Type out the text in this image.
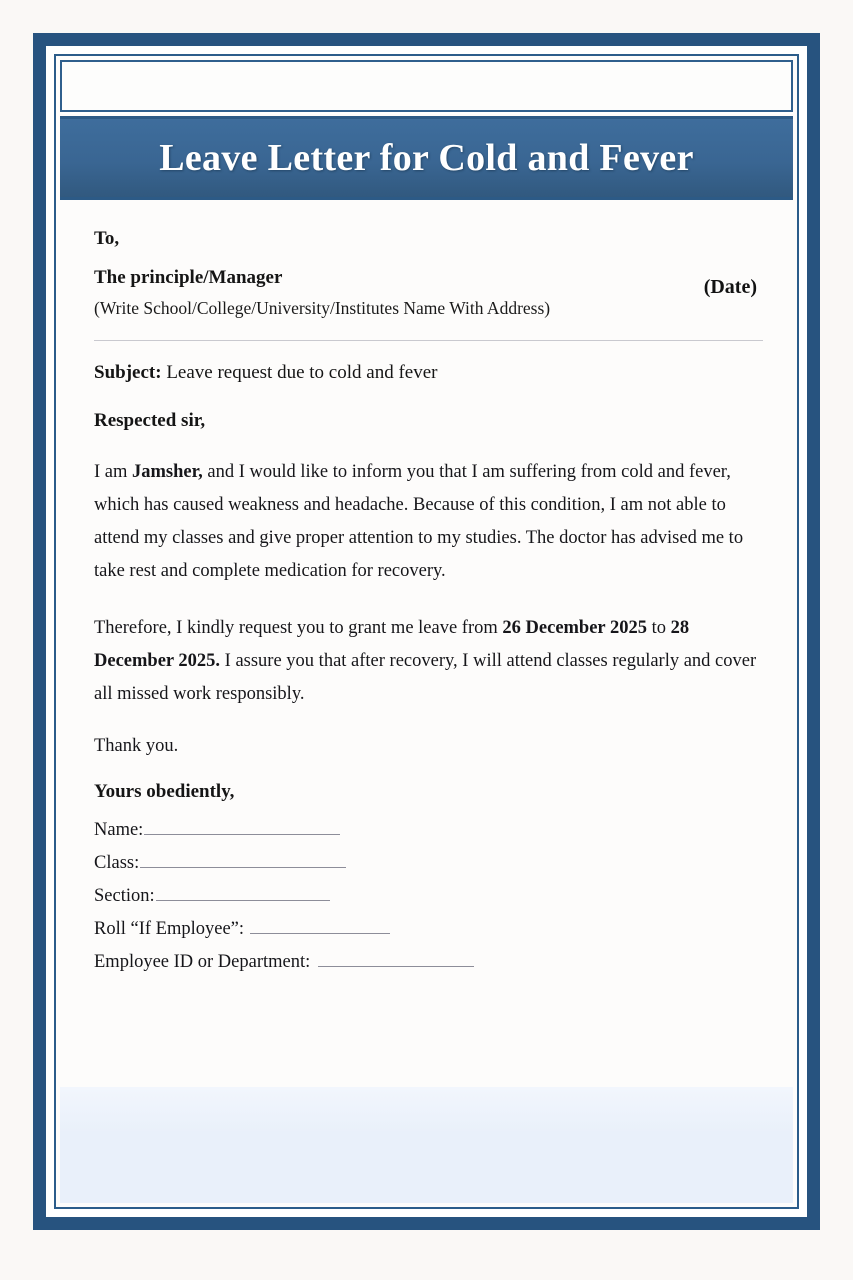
Leave Letter for Cold and Fever

To,

The principle/Manager

(Write School/College/University/Institutes Name With Address)

(Date)

Subject: Leave request due to cold and fever

Respected sir,

I am Jamsher, and I would like to inform you that I am suffering from cold and fever, which has caused weakness and headache. Because of this condition, I am not able to attend my classes and give proper attention to my studies. The doctor has advised me to take rest and complete medication for recovery.

Therefore, I kindly request you to grant me leave from 26 December 2025 to 28 December 2025. I assure you that after recovery, I will attend classes regularly and cover all missed work responsibly.

Thank you.

Yours obediently,

Name:
Class:
Section:
Roll “If Employee”:
Employee ID or Department:
